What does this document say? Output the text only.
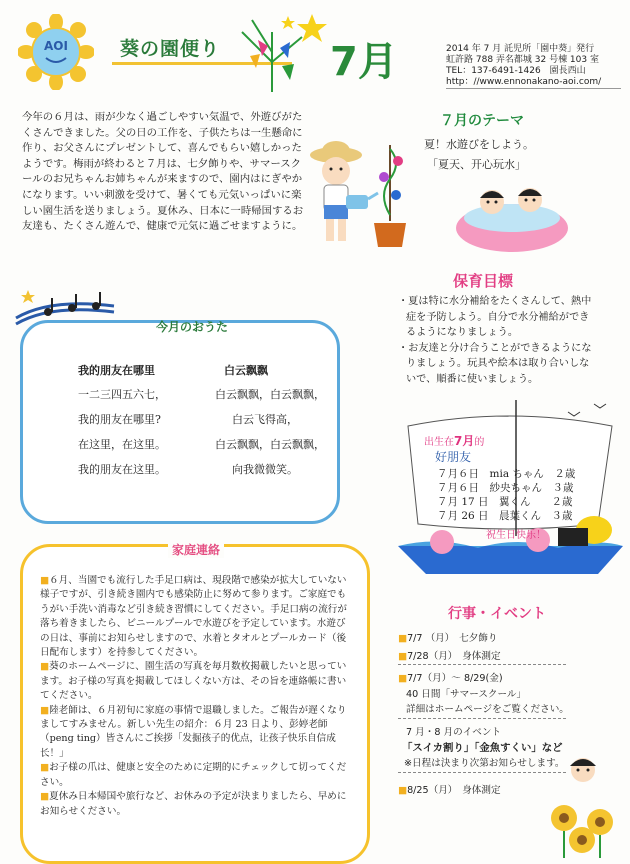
AOI	葵の園便り	7月	2014 年 7 月 託児所「園中葵」発行
虹許路 788 弄名都城 32 号棟 103 室
TEL：137-6491-1426　園長西山
http：//www.ennonakano-aoi.com/
今年の６月は、雨が少なく過ごしやすい気温で、外遊びがたくさんできました。父の日の工作を、子供たちは一生懸命に作り、お父さんにプレゼントして、喜んでもらい嬉しかったようです。梅雨が終わると７月は、七夕飾りや、サマースクールのお兄ちゃんお姉ちゃんが来ますので、園内はにぎやかになります。いい刺激を受けて、暑くても元気いっぱいに楽しい園生活を送りましょう。夏休み、日本に一時帰国するお友達も、たくさん遊んで、健康で元気に過ごせますように。
７月のテーマ
夏！水遊びをしよう。
「夏天、开心玩水」
保育目標
・夏は特に水分補給をたくさんして、熱中症を予防しよう。自分で水分補給ができるようになりましょう。
・お友達と分け合うことができるようになりましょう。玩具や絵本は取り合いしないで、順番に使いましょう。
今月のおうた
我的朋友在哪里	白云飘飘
一二三四五六七，	白云飘飘，白云飘飘，
我的朋友在哪里?	白云飞得高，
在这里，在这里。	白云飘飘，白云飘飘，
我的朋友在这里。	向我微微笑。
出生在7月的
好朋友
７月６日　mia ちゃん　２歳
７月６日　紗央ちゃん　３歳
７月 17 日　翼くん　　２歳
７月 26 日　晨葉くん　３歳
祝生日快乐！
家庭連絡

■６月、当園でも流行した手足口病は、現段階で感染が拡大していない様子ですが、引き続き園内でも感染防止に努めて参ります。ご家庭でもうがい手洗い消毒など引き続き習慣にしてください。手足口病の流行が落ち着きましたら、ビニールプールで水遊びを予定しています。水遊びの日は、事前にお知らせしますので、水着とタオルとプールカード（後日配布します）を持参してください。

■葵のホームページに、園生活の写真を毎月数枚掲載したいと思っています。お子様の写真を掲載してほしくない方は、その旨を連絡帳に書いてください。

■陸老師は、６月初旬に家庭の事情で退職しました。ご報告が遅くなりましてすみません。新しい先生の紹介：６月 23 日より、彭婷老師（peng ting）皆さんにご挨拶「发掘孩子的优点，让孩子快乐自信成长！」

■お子様の爪は、健康と安全のために定期的にチェックして切ってください。

■夏休み日本帰国や旅行など、お休みの予定が決まりましたら、早めにお知らせください。

行事・イベント
■7/7 （月）　七夕飾り
■7/28（月）　身体測定
■7/7（月）～ 8/29(金)
40 日間「サマースクール」
詳細はホームページをご覧ください。
7 月・8 月のイベント
「スイカ割り」「金魚すくい」など
※日程は決まり次第お知らせします。
■8/25（月）　身体測定
